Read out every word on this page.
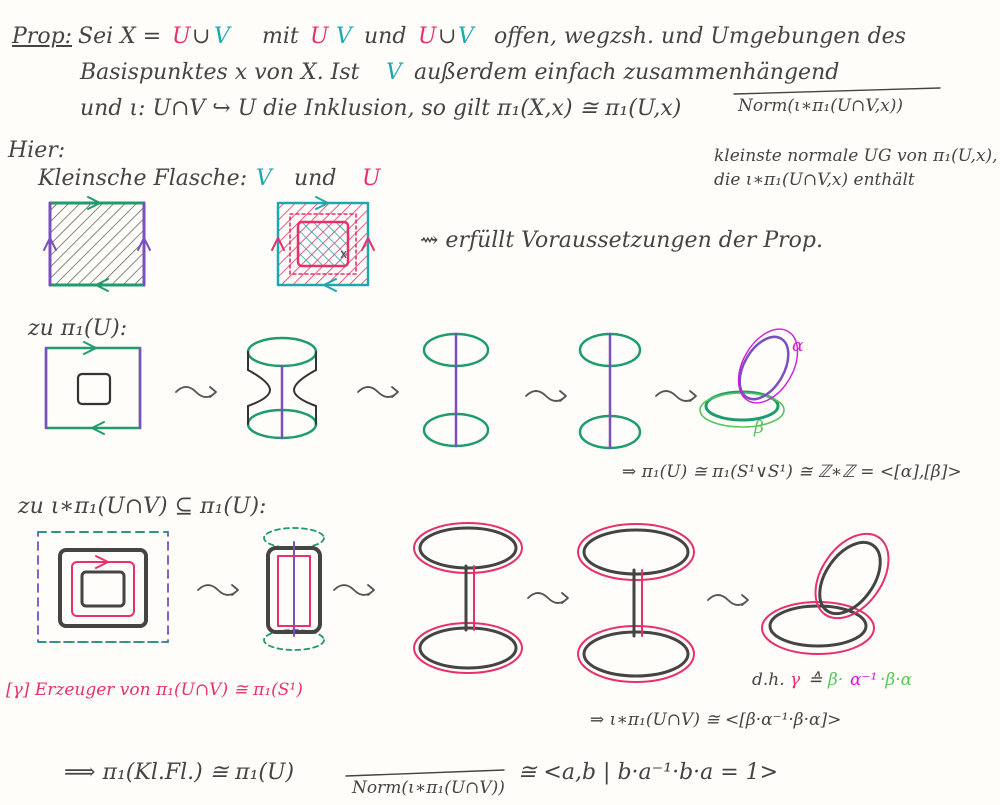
Prop: Sei X = U ∪ V mit U V und U ∪ V offen, wegzsh. und Umgebungen des
Basispunktes x von X. Ist V außerdem einfach zusammenhängend
und ι: U∩V ↪ U die Inklusion, so gilt π₁(X,x) ≅ π₁(U,x)	Norm(ι∗π₁(U∩V,x))
kleinste normale UG von π₁(U,x),
die ι∗π₁(U∩V,x) enthält
Hier:
Kleinsche Flasche: V und U
⇝ erfüllt Voraussetzungen der Prop.
zu π₁(U):
⇒ π₁(U) ≅ π₁(S¹∨S¹) ≅ ℤ∗ℤ = <[α],[β]>
α
β
zu ι∗π₁(U∩V) ⊆ π₁(U):
[γ] Erzeuger von π₁(U∩V) ≅ π₁(S¹)	d.h. γ ≙ β· α⁻¹ ·β·α
⇒ ι∗π₁(U∩V) ≅ <[β·α⁻¹·β·α]>
⟹ π₁(Kl.Fl.) ≅ π₁(U)
Norm(ι∗π₁(U∩V))
≅ <a,b | b·a⁻¹·b·a = 1>
x
